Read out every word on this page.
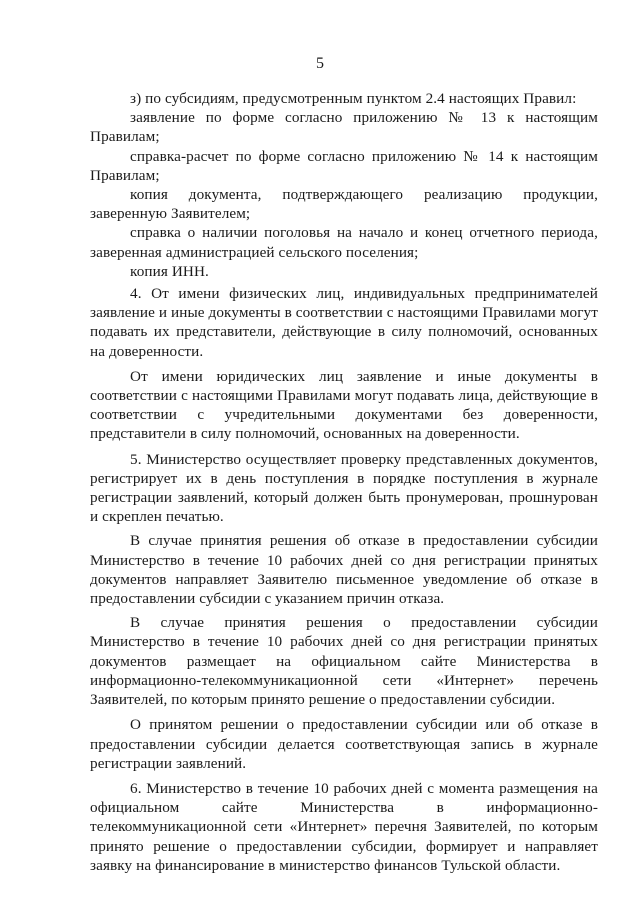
5

з) по субсидиям, предусмотренным пунктом 2.4 настоящих Правил:

заявление по форме согласно приложению № 13 к настоящим Правилам;

справка-расчет по форме согласно приложению № 14 к настоящим Правилам;

копия документа, подтверждающего реализацию продукции, заверенную Заявителем;

справка о наличии поголовья на начало и конец отчетного периода, заверенная администрацией сельского поселения;

копия ИНН.

4. От имени физических лиц, индивидуальных предпринимателей заявление и иные документы в соответствии с настоящими Правилами могут подавать их представители, действующие в силу полномочий, основанных на доверенности.

От имени юридических лиц заявление и иные документы в соответствии с настоящими Правилами могут подавать лица, действующие в соответствии с учредительными документами без доверенности, представители в силу полномочий, основанных на доверенности.

5. Министерство осуществляет проверку представленных документов, регистрирует их в день поступления в порядке поступления в журнале регистрации заявлений, который должен быть пронумерован, прошнурован и скреплен печатью.

В случае принятия решения об отказе в предоставлении субсидии Министерство в течение 10 рабочих дней со дня регистрации принятых документов направляет Заявителю письменное уведомление об отказе в предоставлении субсидии с указанием причин отказа.

В случае принятия решения о предоставлении субсидии Министерство в течение 10 рабочих дней со дня регистрации принятых документов размещает на официальном сайте Министерства в информационно-телекоммуникационной сети «Интернет» перечень Заявителей, по которым принято решение о предоставлении субсидии.

О принятом решении о предоставлении субсидии или об отказе в предоставлении субсидии делается соответствующая запись в журнале регистрации заявлений.

6. Министерство в течение 10 рабочих дней с момента размещения на официальном сайте Министерства в информационно-телекоммуникационной сети «Интернет» перечня Заявителей, по которым принято решение о предоставлении субсидии, формирует и направляет заявку на финансирование в министерство финансов Тульской области.
